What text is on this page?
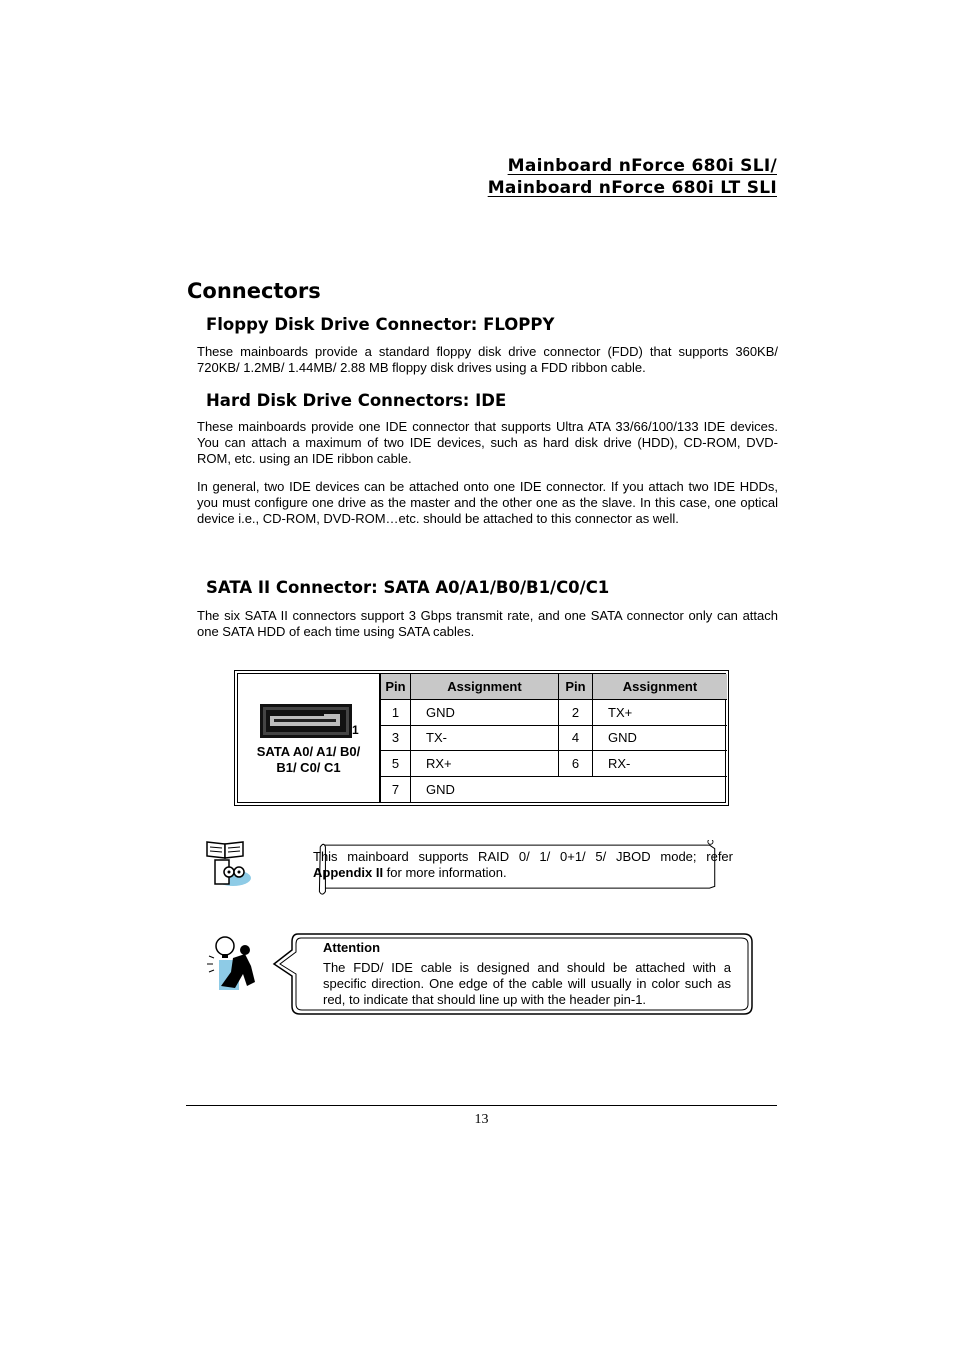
Mainboard nForce 680i SLI/
Mainboard nForce 680i LT SLI
Connectors
Floppy Disk Drive Connector: FLOPPY
These mainboards provide a standard floppy disk drive connector (FDD) that supports 360KB/ 720KB/ 1.2MB/ 1.44MB/ 2.88 MB floppy disk drives using a FDD ribbon cable.
Hard Disk Drive Connectors: IDE
These mainboards provide one IDE connector that supports Ultra ATA 33/66/100/133 IDE devices. You can attach a maximum of two IDE devices, such as hard disk drive (HDD), CD-ROM, DVD-ROM, etc. using an IDE ribbon cable.
In general, two IDE devices can be attached onto one IDE connector. If you attach two IDE HDDs, you must configure one drive as the master and the other one as the slave. In this case, one optical device i.e., CD-ROM, DVD-ROM…etc. should be attached to this connector as well.
SATA II Connector: SATA A0/A1/B0/B1/C0/C1
The six SATA II connectors support 3 Gbps transmit rate, and one SATA connector only can attach one SATA HDD of each time using SATA cables.
1
SATA A0/ A1/ B0/
B1/ C0/ C1
Pin	Assignment	Pin	Assignment
1	GND	2	TX+
3	TX-	4	GND
5	RX+	6	RX-
7	GND		
This mainboard supports RAID 0/ 1/ 0+1/ 5/ JBOD mode; refer Appendix II for more information.
Attention
The FDD/ IDE cable is designed and should be attached with a specific direction. One edge of the cable will usually in color such as red, to indicate that should line up with the header pin-1.
13
